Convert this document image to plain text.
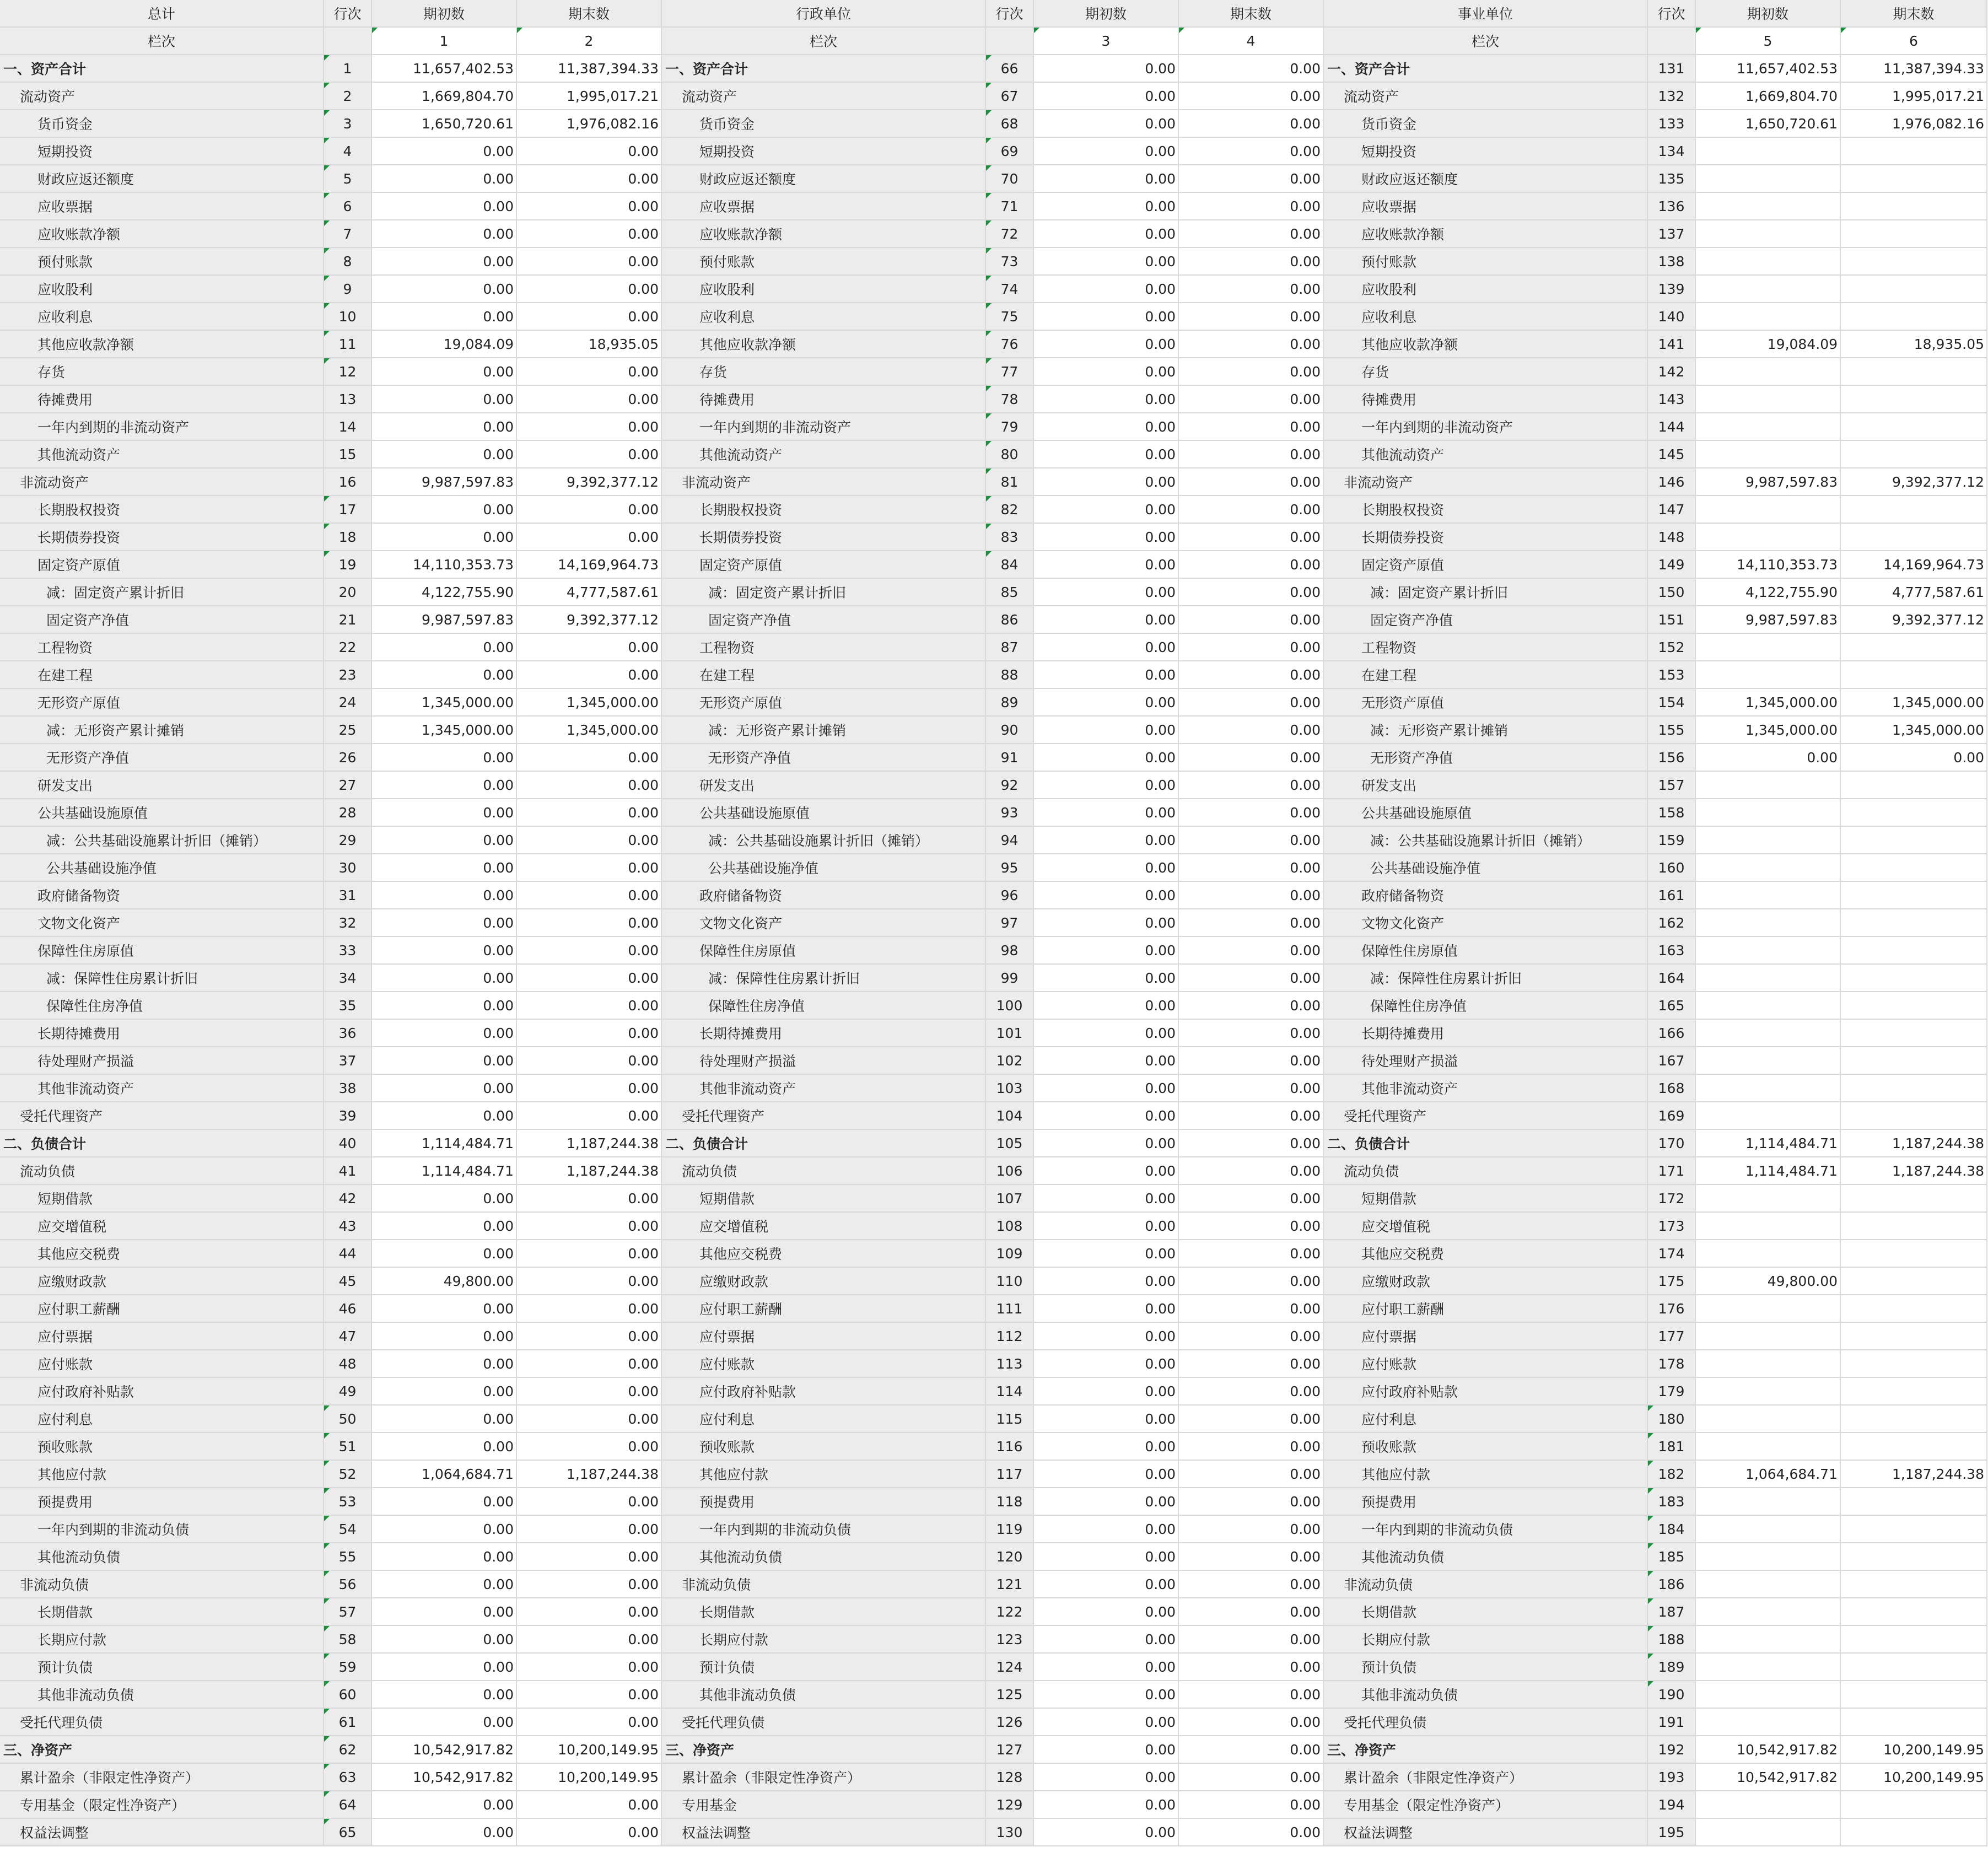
总计	行次	期初数	期末数	行政单位	行次	期初数	期末数	事业单位	行次	期初数	期末数
栏次	1	2	栏次	3	4	栏次	5	6
一、资产合计	1	11,657,402.53	11,387,394.33 一、资产合计	66	0.00	0.00 一、资产合计	131	11,657,402.53	11,387,394.33
流动资产	2	1,669,804.70	1,995,017.21	流动资产	67	0.00	0.00	流动资产	132	1,669,804.70	1,995,017.21
货币资金	3	1,650,720.61	1,976,082.16	货币资金	68	0.00	0.00	货币资金	133	1,650,720.61	1,976,082.16
短期投资	4	0.00	0.00	短期投资	69	0.00	0.00	短期投资	134
财政应返还额度	5	0.00	0.00	财政应返还额度	70	0.00	0.00	财政应返还额度	135
应收票据	6	0.00	0.00	应收票据	71	0.00	0.00	应收票据	136
应收账款净额	7	0.00	0.00	应收账款净额	72	0.00	0.00	应收账款净额	137
预付账款	8	0.00	0.00	预付账款	73	0.00	0.00	预付账款	138
应收股利	9	0.00	0.00	应收股利	74	0.00	0.00	应收股利	139
应收利息	10	0.00	0.00	应收利息	75	0.00	0.00	应收利息	140
其他应收款净额	11	19,084.09	18,935.05	其他应收款净额	76	0.00	0.00	其他应收款净额	141	19,084.09	18,935.05
存货	12	0.00	0.00	存货	77	0.00	0.00	存货	142
待摊费用	13	0.00	0.00	待摊费用	78	0.00	0.00	待摊费用	143
一年内到期的非流动资产	14	0.00	0.00	一年内到期的非流动资产	79	0.00	0.00	一年内到期的非流动资产	144
其他流动资产	15	0.00	0.00	其他流动资产	80	0.00	0.00	其他流动资产	145
非流动资产	16	9,987,597.83	9,392,377.12	非流动资产	81	0.00	0.00	非流动资产	146	9,987,597.83	9,392,377.12
长期股权投资	17	0.00	0.00	长期股权投资	82	0.00	0.00	长期股权投资	147
长期债券投资	18	0.00	0.00	长期债券投资	83	0.00	0.00	长期债券投资	148
固定资产原值	19	14,110,353.73	14,169,964.73	固定资产原值	84	0.00	0.00	固定资产原值	149	14,110,353.73	14,169,964.73
减：固定资产累计折旧	20	4,122,755.90	4,777,587.61	减：固定资产累计折旧	85	0.00	0.00	减：固定资产累计折旧	150	4,122,755.90	4,777,587.61
固定资产净值	21	9,987,597.83	9,392,377.12	固定资产净值	86	0.00	0.00	固定资产净值	151	9,987,597.83	9,392,377.12
工程物资	22	0.00	0.00	工程物资	87	0.00	0.00	工程物资	152
在建工程	23	0.00	0.00	在建工程	88	0.00	0.00	在建工程	153
无形资产原值	24	1,345,000.00	1,345,000.00	无形资产原值	89	0.00	0.00	无形资产原值	154	1,345,000.00	1,345,000.00
减：无形资产累计摊销	25	1,345,000.00	1,345,000.00	减：无形资产累计摊销	90	0.00	0.00	减：无形资产累计摊销	155	1,345,000.00	1,345,000.00
无形资产净值	26	0.00	0.00	无形资产净值	91	0.00	0.00	无形资产净值	156	0.00	0.00
研发支出	27	0.00	0.00	研发支出	92	0.00	0.00	研发支出	157
公共基础设施原值	28	0.00	0.00	公共基础设施原值	93	0.00	0.00	公共基础设施原值	158
减：公共基础设施累计折旧（摊销）	29	0.00	0.00	减：公共基础设施累计折旧（摊销）	94	0.00	0.00	减：公共基础设施累计折旧（摊销）	159
公共基础设施净值	30	0.00	0.00	公共基础设施净值	95	0.00	0.00	公共基础设施净值	160
政府储备物资	31	0.00	0.00	政府储备物资	96	0.00	0.00	政府储备物资	161
文物文化资产	32	0.00	0.00	文物文化资产	97	0.00	0.00	文物文化资产	162
保障性住房原值	33	0.00	0.00	保障性住房原值	98	0.00	0.00	保障性住房原值	163
减：保障性住房累计折旧	34	0.00	0.00	减：保障性住房累计折旧	99	0.00	0.00	减：保障性住房累计折旧	164
保障性住房净值	35	0.00	0.00	保障性住房净值	100	0.00	0.00	保障性住房净值	165
长期待摊费用	36	0.00	0.00	长期待摊费用	101	0.00	0.00	长期待摊费用	166
待处理财产损溢	37	0.00	0.00	待处理财产损溢	102	0.00	0.00	待处理财产损溢	167
其他非流动资产	38	0.00	0.00	其他非流动资产	103	0.00	0.00	其他非流动资产	168
受托代理资产	39	0.00	0.00	受托代理资产	104	0.00	0.00	受托代理资产	169
二、负债合计	40	1,114,484.71	1,187,244.38 二、负债合计	105	0.00	0.00 二、负债合计	170	1,114,484.71	1,187,244.38
流动负债	41	1,114,484.71	1,187,244.38	流动负债	106	0.00	0.00	流动负债	171	1,114,484.71	1,187,244.38
短期借款	42	0.00	0.00	短期借款	107	0.00	0.00	短期借款	172
应交增值税	43	0.00	0.00	应交增值税	108	0.00	0.00	应交增值税	173
其他应交税费	44	0.00	0.00	其他应交税费	109	0.00	0.00	其他应交税费	174
应缴财政款	45	49,800.00	0.00	应缴财政款	110	0.00	0.00	应缴财政款	175	49,800.00
应付职工薪酬	46	0.00	0.00	应付职工薪酬	111	0.00	0.00	应付职工薪酬	176
应付票据	47	0.00	0.00	应付票据	112	0.00	0.00	应付票据	177
应付账款	48	0.00	0.00	应付账款	113	0.00	0.00	应付账款	178
应付政府补贴款	49	0.00	0.00	应付政府补贴款	114	0.00	0.00	应付政府补贴款	179
应付利息	50	0.00	0.00	应付利息	115	0.00	0.00	应付利息	180
预收账款	51	0.00	0.00	预收账款	116	0.00	0.00	预收账款	181
其他应付款	52	1,064,684.71	1,187,244.38	其他应付款	117	0.00	0.00	其他应付款	182	1,064,684.71	1,187,244.38
预提费用	53	0.00	0.00	预提费用	118	0.00	0.00	预提费用	183
一年内到期的非流动负债	54	0.00	0.00	一年内到期的非流动负债	119	0.00	0.00	一年内到期的非流动负债	184
其他流动负债	55	0.00	0.00	其他流动负债	120	0.00	0.00	其他流动负债	185
非流动负债	56	0.00	0.00	非流动负债	121	0.00	0.00	非流动负债	186
长期借款	57	0.00	0.00	长期借款	122	0.00	0.00	长期借款	187
长期应付款	58	0.00	0.00	长期应付款	123	0.00	0.00	长期应付款	188
预计负债	59	0.00	0.00	预计负债	124	0.00	0.00	预计负债	189
其他非流动负债	60	0.00	0.00	其他非流动负债	125	0.00	0.00	其他非流动负债	190
受托代理负债	61	0.00	0.00	受托代理负债	126	0.00	0.00	受托代理负债	191
三、净资产	62	10,542,917.82	10,200,149.95 三、净资产	127	0.00	0.00 三、净资产	192	10,542,917.82	10,200,149.95
累计盈余（非限定性净资产）	63	10,542,917.82	10,200,149.95	累计盈余（非限定性净资产）	128	0.00	0.00	累计盈余（非限定性净资产）	193	10,542,917.82	10,200,149.95
专用基金（限定性净资产）	64	0.00	0.00	专用基金	129	0.00	0.00	专用基金（限定性净资产）	194
权益法调整	65	0.00	0.00	权益法调整	130	0.00	0.00	权益法调整	195
